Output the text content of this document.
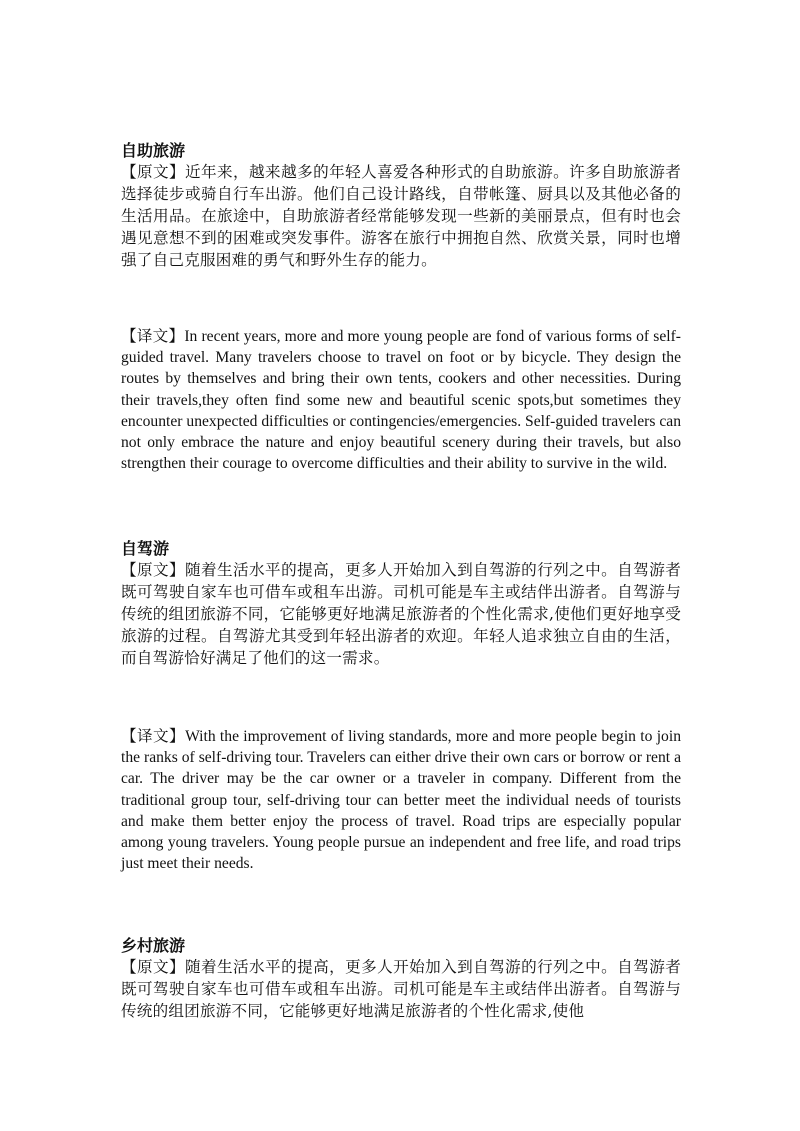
自助旅游

【原文】近年来，越来越多的年轻人喜爱各种形式的自助旅游。许多自助旅游者选择徒步或骑自行车出游。他们自己设计路线，自带帐篷、厨具以及其他必备的生活用品。在旅途中，自助旅游者经常能够发现一些新的美丽景点，但有时也会遇见意想不到的困难或突发事件。游客在旅行中拥抱自然、欣赏关景，同时也增强了自己克服困难的勇气和野外生存的能力。

【译文】In recent years, more and more young people are fond of various forms of self-guided travel. Many travelers choose to travel on foot or by bicycle. They design the routes by themselves and bring their own tents, cookers and other necessities. During their travels,they often find some new and beautiful scenic spots,but sometimes they encounter unexpected difficulties or contingencies/emergencies. Self-guided travelers can not only embrace the nature and enjoy beautiful scenery during their travels, but also strengthen their courage to overcome difficulties and their ability to survive in the wild.

自驾游

【原文】随着生活水平的提高，更多人开始加入到自驾游的行列之中。自驾游者既可驾驶自家车也可借车或租车出游。司机可能是车主或结伴出游者。自驾游与传统的组团旅游不同，它能够更好地满足旅游者的个性化需求,使他们更好地享受旅游的过程。自驾游尤其受到年轻出游者的欢迎。年轻人追求独立自由的生活，而自驾游恰好满足了他们的这一需求。

【译文】With the improvement of living standards, more and more people begin to join the ranks of self-driving tour. Travelers can either drive their own cars or borrow or rent a car. The driver may be the car owner or a traveler in company. Different from the traditional group tour, self-driving tour can better meet the individual needs of tourists and make them better enjoy the process of travel. Road trips are especially popular among young travelers. Young people pursue an independent and free life, and road trips just meet their needs.

乡村旅游

【原文】随着生活水平的提高，更多人开始加入到自驾游的行列之中。自驾游者既可驾驶自家车也可借车或租车出游。司机可能是车主或结伴出游者。自驾游与传统的组团旅游不同，它能够更好地满足旅游者的个性化需求,使他
